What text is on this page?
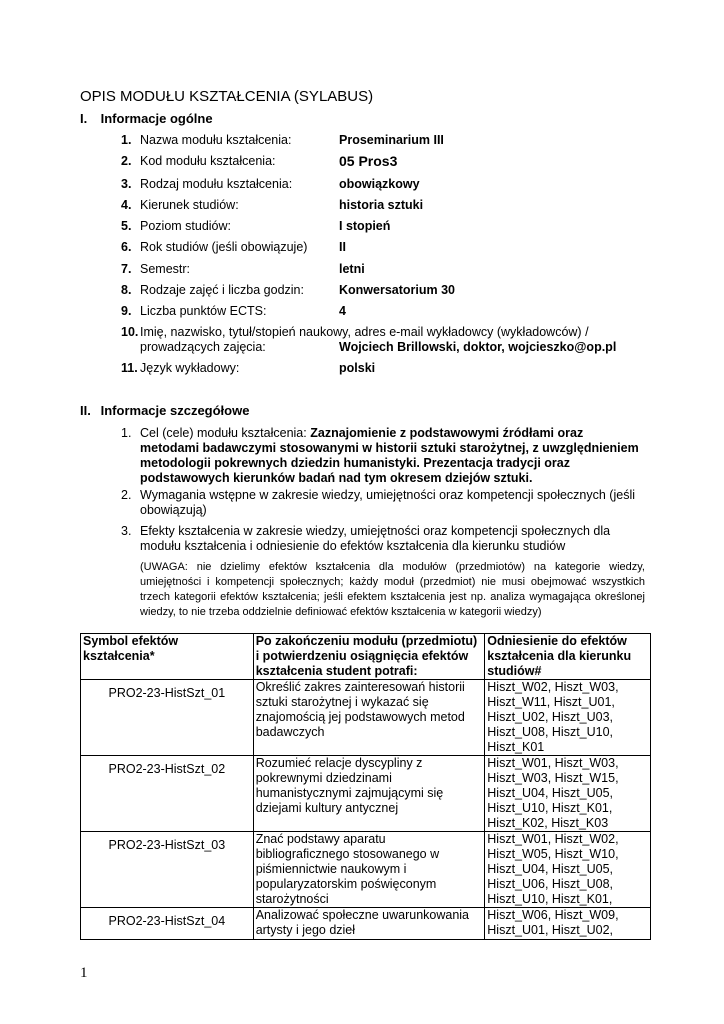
OPIS MODUŁU KSZTAŁCENIA (SYLABUS)
I. Informacje ogólne
1. Nazwa modułu kształcenia:	Proseminarium III
2. Kod modułu kształcenia:	05 Pros3
3. Rodzaj modułu kształcenia:	obowiązkowy
4. Kierunek studiów:	historia sztuki
5. Poziom studiów:	I stopień
6. Rok studiów (jeśli obowiązuje)	II
7. Semestr:	letni
8. Rodzaje zajęć i liczba godzin:	Konwersatorium 30
9. Liczba punktów ECTS:	4
10. Imię, nazwisko, tytuł/stopień naukowy, adres e-mail wykładowcy (wykładowców) /
prowadzących zajęcia:	Wojciech Brillowski, doktor, wojcieszko@op.pl
11. Język wykładowy:	polski
II. Informacje szczegółowe
1. Cel (cele) modułu kształcenia: Zaznajomienie z podstawowymi źródłami oraz metodami badawczymi stosowanymi w historii sztuki starożytnej, z uwzględnieniem metodologii pokrewnych dziedzin humanistyki. Prezentacja tradycji oraz podstawowych kierunków badań nad tym okresem dziejów sztuki.
2. Wymagania wstępne w zakresie wiedzy, umiejętności oraz kompetencji społecznych (jeśli obowiązują)
3. Efekty kształcenia w zakresie wiedzy, umiejętności oraz kompetencji społecznych dla modułu kształcenia i odniesienie do efektów kształcenia dla kierunku studiów
(UWAGA: nie dzielimy efektów kształcenia dla modułów (przedmiotów) na kategorie wiedzy, umiejętności i kompetencji społecznych; każdy moduł (przedmiot) nie musi obejmować wszystkich trzech kategorii efektów kształcenia; jeśli efektem kształcenia jest np. analiza wymagająca określonej wiedzy, to nie trzeba oddzielnie definiować efektów kształcenia w kategorii wiedzy)
Symbol efektów kształcenia*	Po zakończeniu modułu (przedmiotu) i potwierdzeniu osiągnięcia efektów kształcenia student potrafi:	Odniesienie do efektów kształcenia dla kierunku studiów#
PRO2-23-HistSzt_01	Określić zakres zainteresowań historii sztuki starożytnej i wykazać się znajomością jej podstawowych metod badawczych	Hiszt_W02, Hiszt_W03, Hiszt_W11, Hiszt_U01, Hiszt_U02, Hiszt_U03, Hiszt_U08, Hiszt_U10, Hiszt_K01
PRO2-23-HistSzt_02	Rozumieć relacje dyscypliny z pokrewnymi dziedzinami humanistycznymi zajmującymi się dziejami kultury antycznej	Hiszt_W01, Hiszt_W03, Hiszt_W03, Hiszt_W15, Hiszt_U04, Hiszt_U05, Hiszt_U10, Hiszt_K01, Hiszt_K02, Hiszt_K03
PRO2-23-HistSzt_03	Znać podstawy aparatu bibliograficznego stosowanego w piśmiennictwie naukowym i popularyzatorskim poświęconym starożytności	Hiszt_W01, Hiszt_W02, Hiszt_W05, Hiszt_W10, Hiszt_U04, Hiszt_U05, Hiszt_U06, Hiszt_U08, Hiszt_U10, Hiszt_K01,
PRO2-23-HistSzt_04	Analizować społeczne uwarunkowania artysty i jego dzieł	Hiszt_W06, Hiszt_W09, Hiszt_U01, Hiszt_U02,
1
